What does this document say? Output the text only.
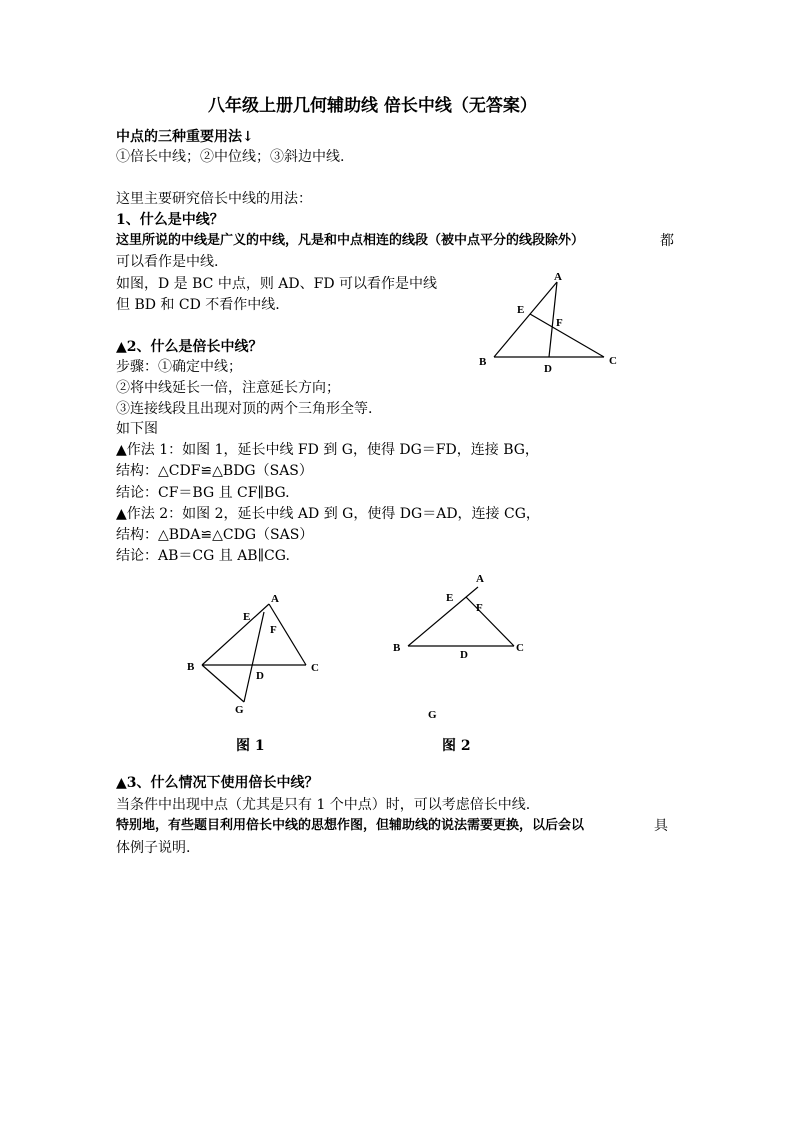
八年级上册几何辅助线 倍长中线（无答案）
中点的三种重要用法↓
①倍长中线；②中位线；③斜边中线.
这里主要研究倍长中线的用法：
1、什么是中线？
这里所说的中线是广义的中线，凡是和中点相连的线段（被中点平分的线段除外）	都
可以看作是中线.
如图，D 是 BC 中点，则 AD、FD 可以看作是中线
但 BD 和 CD 不看作中线.
A
E
F
B
D
C
▲2、什么是倍长中线？
步骤：①确定中线；
②将中线延长一倍，注意延长方向；
③连接线段且出现对顶的两个三角形全等.
如下图
▲作法 1：如图 1，延长中线 FD 到 G，使得 DG＝FD，连接 BG，
结构：△CDF≌△BDG（SAS）
结论：CF＝BG 且 CF∥BG.
▲作法 2：如图 2，延长中线 AD 到 G，使得 DG＝AD，连接 CG，
结构：△BDA≌△CDG（SAS）
结论：AB＝CG 且 AB∥CG.
A
E
F
B
D
C
G
A
E
F
B
D
C
G
图 1	图 2
▲3、什么情况下使用倍长中线？
当条件中出现中点（尤其是只有 1 个中点）时，可以考虑倍长中线.
特别地，有些题目利用倍长中线的思想作图，但辅助线的说法需要更换，以后会以	具
体例子说明.
